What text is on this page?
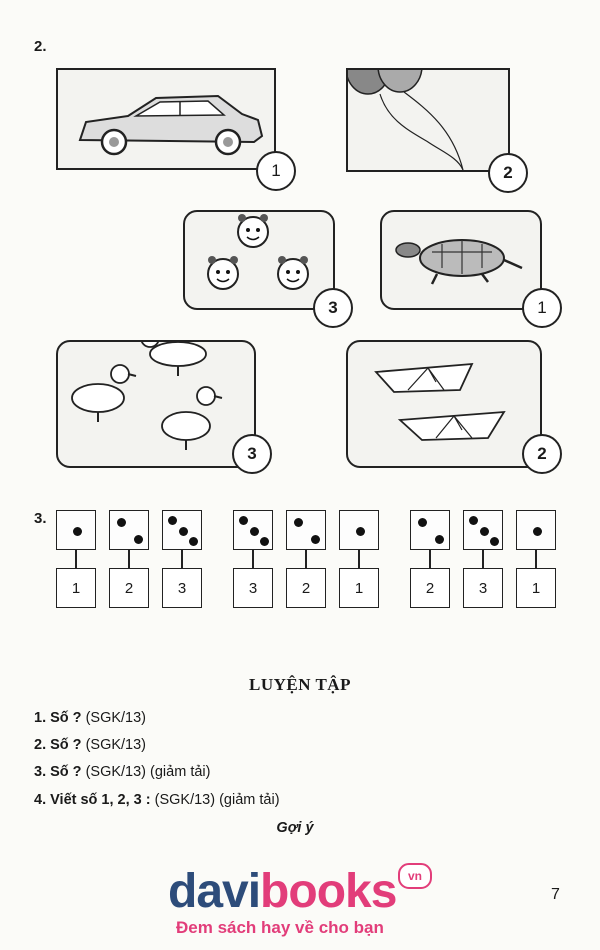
2.
1	2
3	1
3	2
3.
1	2	3	3	2	1	2	3	1
LUYỆN TẬP
1. Số ? (SGK/13)
2. Số ? (SGK/13)
3. Số ? (SGK/13) (giảm tải)
4. Viết số 1, 2, 3 : (SGK/13) (giảm tải)
Gợi ý
davibooks vn
Đem sách hay về cho bạn
7
